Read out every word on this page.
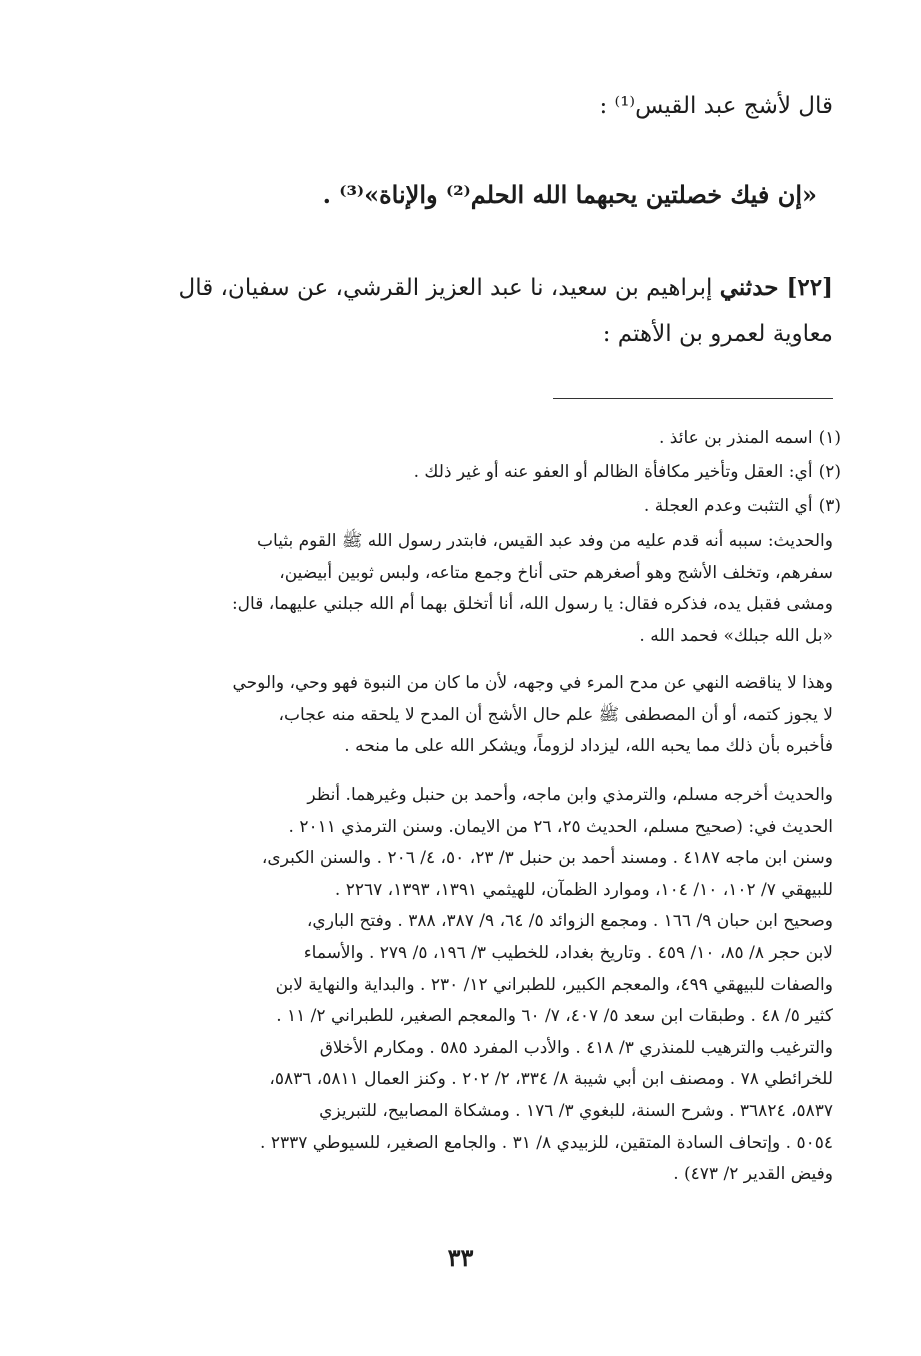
قال لأشج عبد القيس⁽¹⁾ :
«إن فيك خصلتين يحبهما الله الحلم⁽²⁾ والإناة»⁽³⁾ .
[٢٢] حدثني إبراهيم بن سعيد، نا عبد العزيز القرشي، عن سفيان، قال
معاوية لعمرو بن الأهتم :
(١)اسمه المنذر بن عائذ .
(٢)أي: العقل وتأخير مكافأة الظالم أو العفو عنه أو غير ذلك .
(٣)أي التثبت وعدم العجلة .

والحديث: سببه أنه قدم عليه من وفد عبد القيس، فابتدر رسول الله ﷺ القوم بثياب

سفرهم، وتخلف الأشج وهو أصغرهم حتى أناخ وجمع متاعه، ولبس ثوبين أبيضين،

ومشى فقبل يده، فذكره فقال: يا رسول الله، أنا أتخلق بهما أم الله جبلني عليهما، قال:

«بل الله جبلك» فحمد الله .

وهذا لا يناقضه النهي عن مدح المرء في وجهه، لأن ما كان من النبوة فهو وحي، والوحي

لا يجوز كتمه، أو أن المصطفى ﷺ علم حال الأشج أن المدح لا يلحقه منه عجاب،

فأخبره بأن ذلك مما يحبه الله، ليزداد لزوماً، ويشكر الله على ما منحه .

والحديث أخرجه مسلم، والترمذي وابن ماجه، وأحمد بن حنبل وغيرهما. أنظر

الحديث في: (صحيح مسلم، الحديث ٢٥، ٢٦ من الايمان. وسنن الترمذي ٢٠١١ .

وسنن ابن ماجه ٤١٨٧ . ومسند أحمد بن حنبل ٣/ ٢٣، ٥٠، ٤/ ٢٠٦ . والسنن الكبرى،

للبيهقي ٧/ ١٠٢، ١٠/ ١٠٤، وموارد الظمآن، للهيثمي ١٣٩١، ١٣٩٣، ٢٢٦٧ .

وصحيح ابن حبان ٩/ ١٦٦ . ومجمع الزوائد ٥/ ٦٤، ٩/ ٣٨٧، ٣٨٨ . وفتح الباري،

لابن حجر ٨/ ٨٥، ١٠/ ٤٥٩ . وتاريخ بغداد، للخطيب ٣/ ١٩٦، ٥/ ٢٧٩ . والأسماء

والصفات للبيهقي ٤٩٩، والمعجم الكبير، للطبراني ١٢/ ٢٣٠ . والبداية والنهاية لابن

كثير ٥/ ٤٨ . وطبقات ابن سعد ٥/ ٤٠٧، ٧/ ٦٠ والمعجم الصغير، للطبراني ٢/ ١١ .

والترغيب والترهيب للمنذري ٣/ ٤١٨ . والأدب المفرد ٥٨٥ . ومكارم الأخلاق

للخرائطي ٧٨ . ومصنف ابن أبي شيبة ٨/ ٣٣٤، ٢/ ٢٠٢ . وكنز العمال ٥٨١١، ٥٨٣٦،

٥٨٣٧، ٣٦٨٢٤ . وشرح السنة، للبغوي ٣/ ١٧٦ . ومشكاة المصابيح، للتبريزي

٥٠٥٤ . وإتحاف السادة المتقين، للزبيدي ٨/ ٣١ . والجامع الصغير، للسيوطي ٢٣٣٧ .

وفيض القدير ٢/ ٤٧٣) .

٣٣
